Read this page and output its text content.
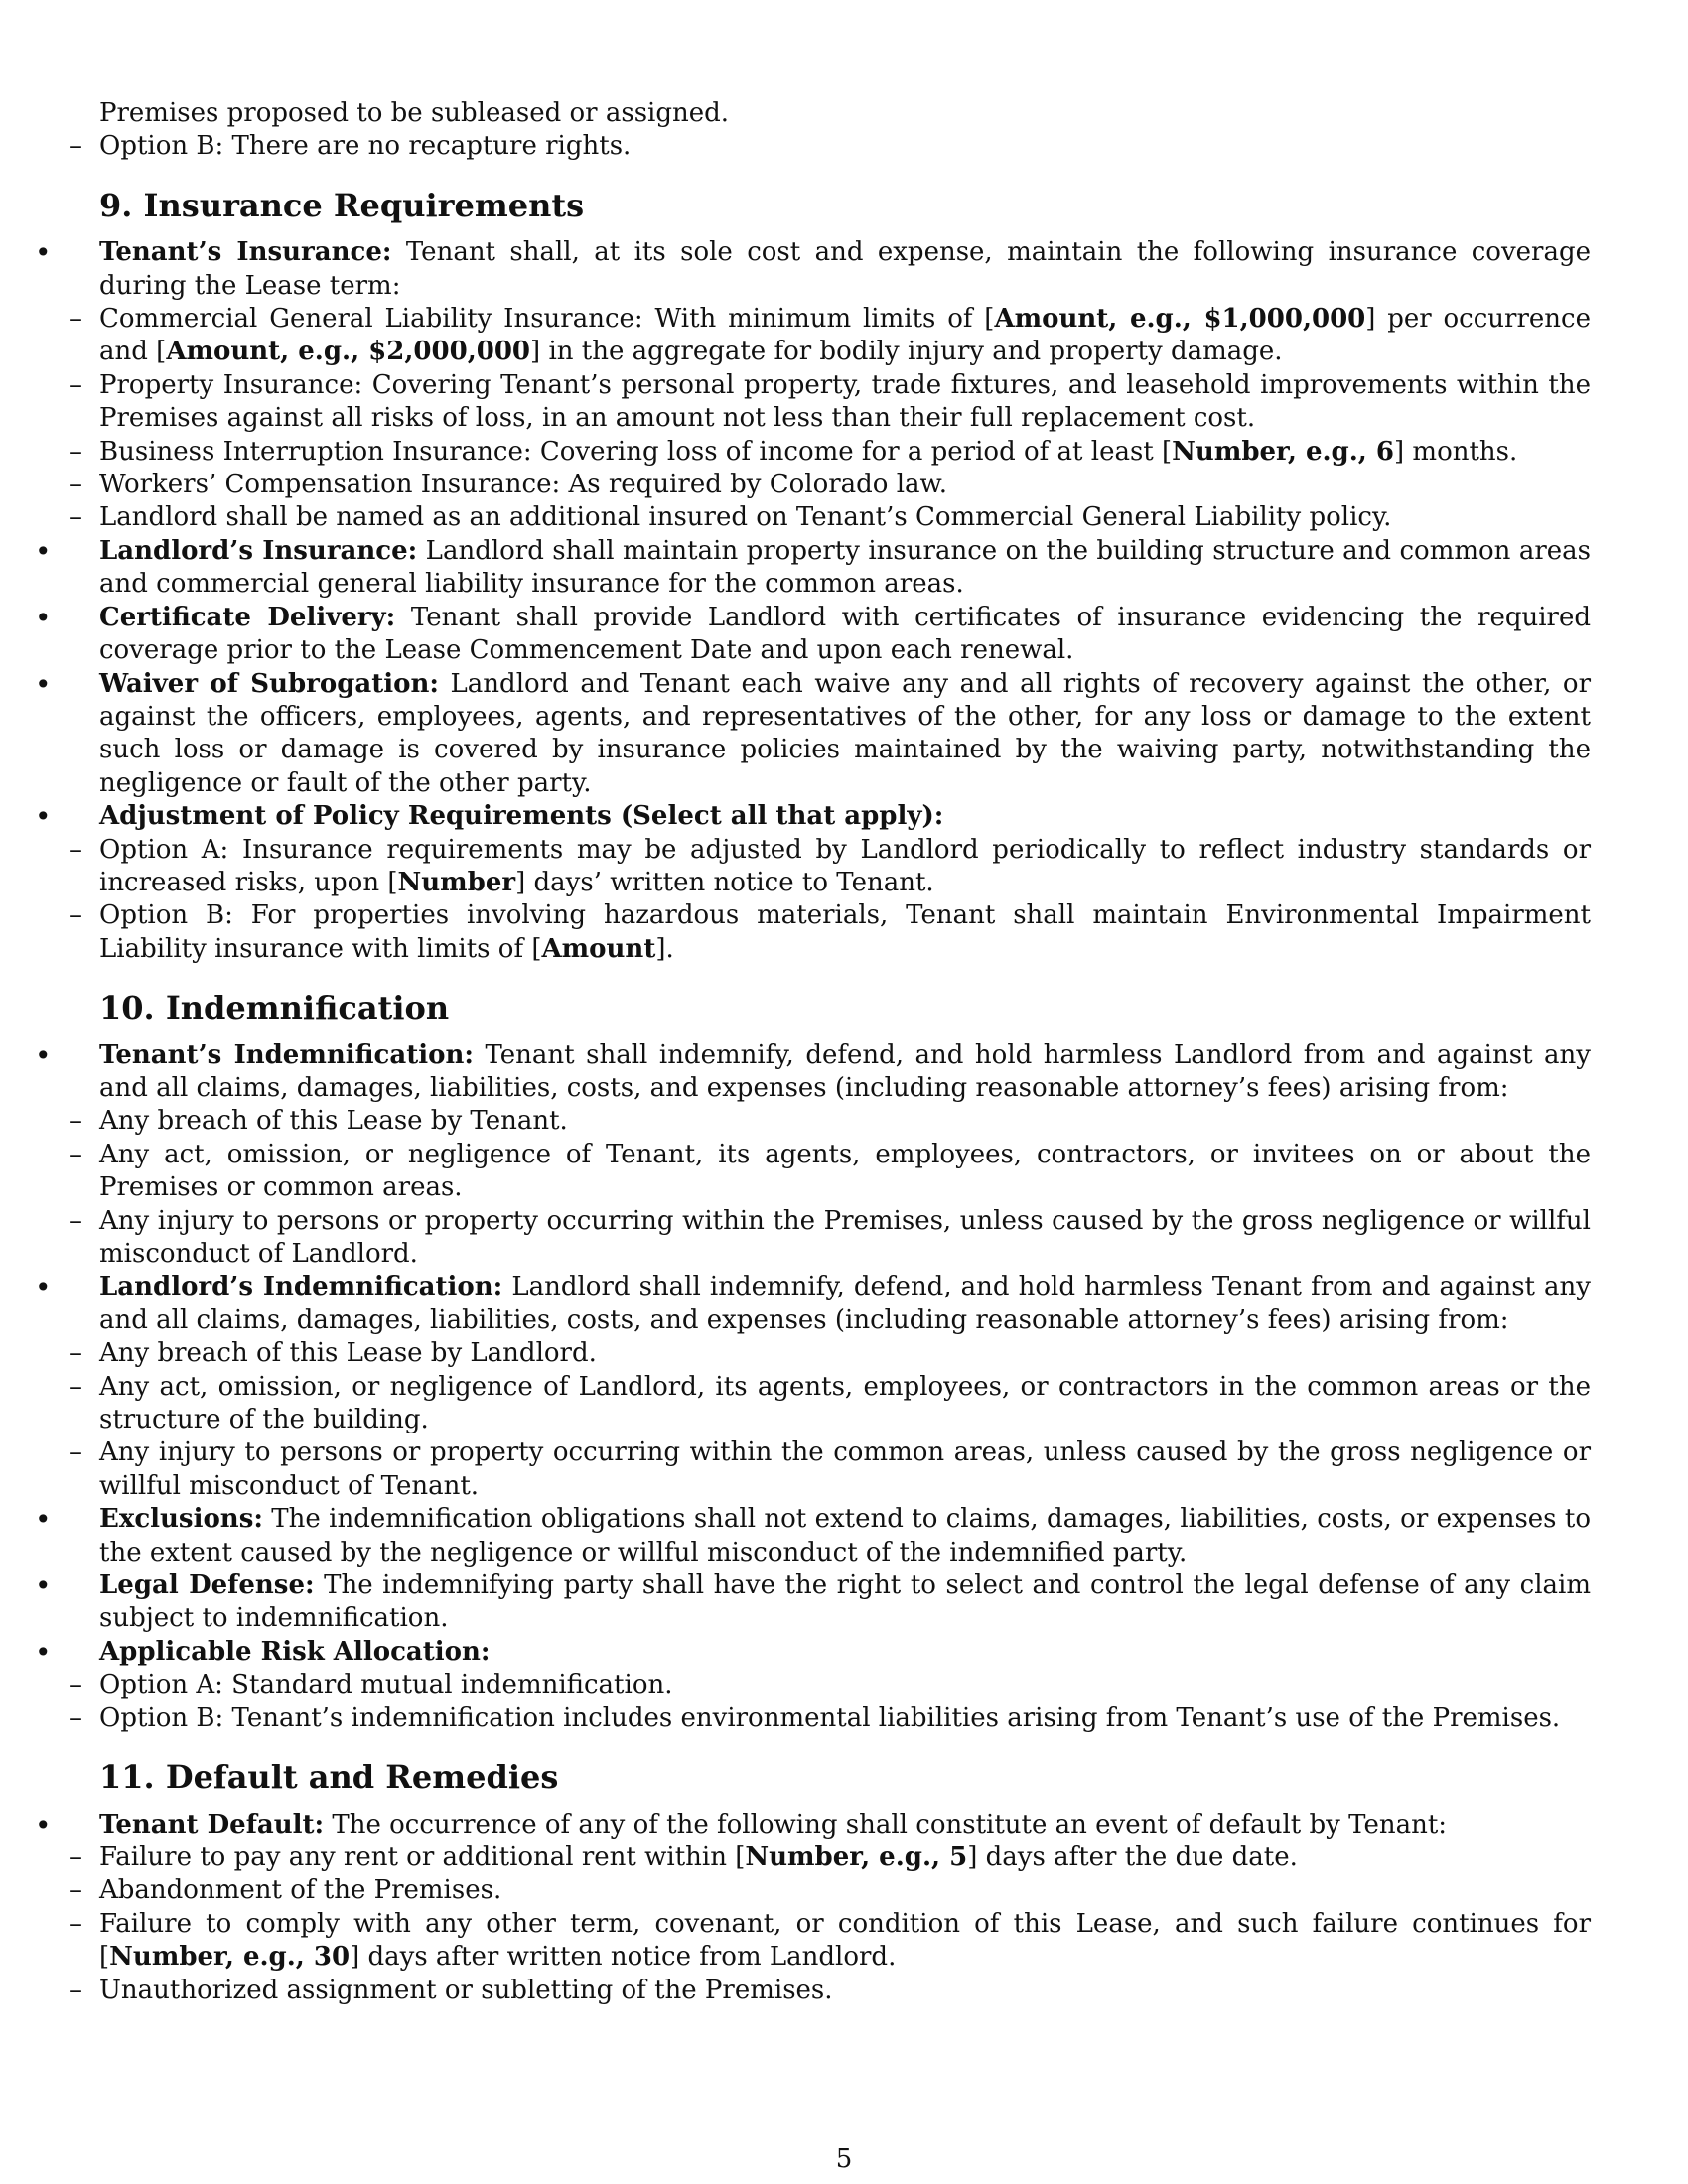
Premises proposed to be subleased or assigned.

– Option B: There are no recapture rights.

9. Insurance Requirements

• Tenant’s Insurance: Tenant shall, at its sole cost and expense, maintain the following insurance coverage during the Lease term:

– Commercial General Liability Insurance: With minimum limits of [Amount, e.g., $1,000,000] per occurrence and [Amount, e.g., $2,000,000] in the aggregate for bodily injury and property damage.

– Property Insurance: Covering Tenant’s personal property, trade fixtures, and leasehold improvements within the Premises against all risks of loss, in an amount not less than their full replacement cost.

– Business Interruption Insurance: Covering loss of income for a period of at least [Number, e.g., 6] months.

– Workers’ Compensation Insurance: As required by Colorado law.

– Landlord shall be named as an additional insured on Tenant’s Commercial General Liability policy.

• Landlord’s Insurance: Landlord shall maintain property insurance on the building structure and common areas and commercial general liability insurance for the common areas.

• Certificate Delivery: Tenant shall provide Landlord with certificates of insurance evidencing the required coverage prior to the Lease Commencement Date and upon each renewal.

• Waiver of Subrogation: Landlord and Tenant each waive any and all rights of recovery against the other, or against the officers, employees, agents, and representatives of the other, for any loss or damage to the extent such loss or damage is covered by insurance policies maintained by the waiving party, notwithstanding the negligence or fault of the other party.

• Adjustment of Policy Requirements (Select all that apply):

– Option A: Insurance requirements may be adjusted by Landlord periodically to reflect industry standards or increased risks, upon [Number] days’ written notice to Tenant.

– Option B: For properties involving hazardous materials, Tenant shall maintain Environmental Impairment Liability insurance with limits of [Amount].

10. Indemnification

• Tenant’s Indemnification: Tenant shall indemnify, defend, and hold harmless Landlord from and against any and all claims, damages, liabilities, costs, and expenses (including reasonable attorney’s fees) arising from:

– Any breach of this Lease by Tenant.

– Any act, omission, or negligence of Tenant, its agents, employees, contractors, or invitees on or about the Premises or common areas.

– Any injury to persons or property occurring within the Premises, unless caused by the gross negligence or willful misconduct of Landlord.

• Landlord’s Indemnification: Landlord shall indemnify, defend, and hold harmless Tenant from and against any and all claims, damages, liabilities, costs, and expenses (including reasonable attorney’s fees) arising from:

– Any breach of this Lease by Landlord.

– Any act, omission, or negligence of Landlord, its agents, employees, or contractors in the common areas or the structure of the building.

– Any injury to persons or property occurring within the common areas, unless caused by the gross negligence or willful misconduct of Tenant.

• Exclusions: The indemnification obligations shall not extend to claims, damages, liabilities, costs, or expenses to the extent caused by the negligence or willful misconduct of the indemnified party.

• Legal Defense: The indemnifying party shall have the right to select and control the legal defense of any claim subject to indemnification.

• Applicable Risk Allocation:

– Option A: Standard mutual indemnification.

– Option B: Tenant’s indemnification includes environmental liabilities arising from Tenant’s use of the Premises.

11. Default and Remedies

• Tenant Default: The occurrence of any of the following shall constitute an event of default by Tenant:

– Failure to pay any rent or additional rent within [Number, e.g., 5] days after the due date.

– Abandonment of the Premises.

– Failure to comply with any other term, covenant, or condition of this Lease, and such failure continues for [Number, e.g., 30] days after written notice from Landlord.

– Unauthorized assignment or subletting of the Premises.

5
